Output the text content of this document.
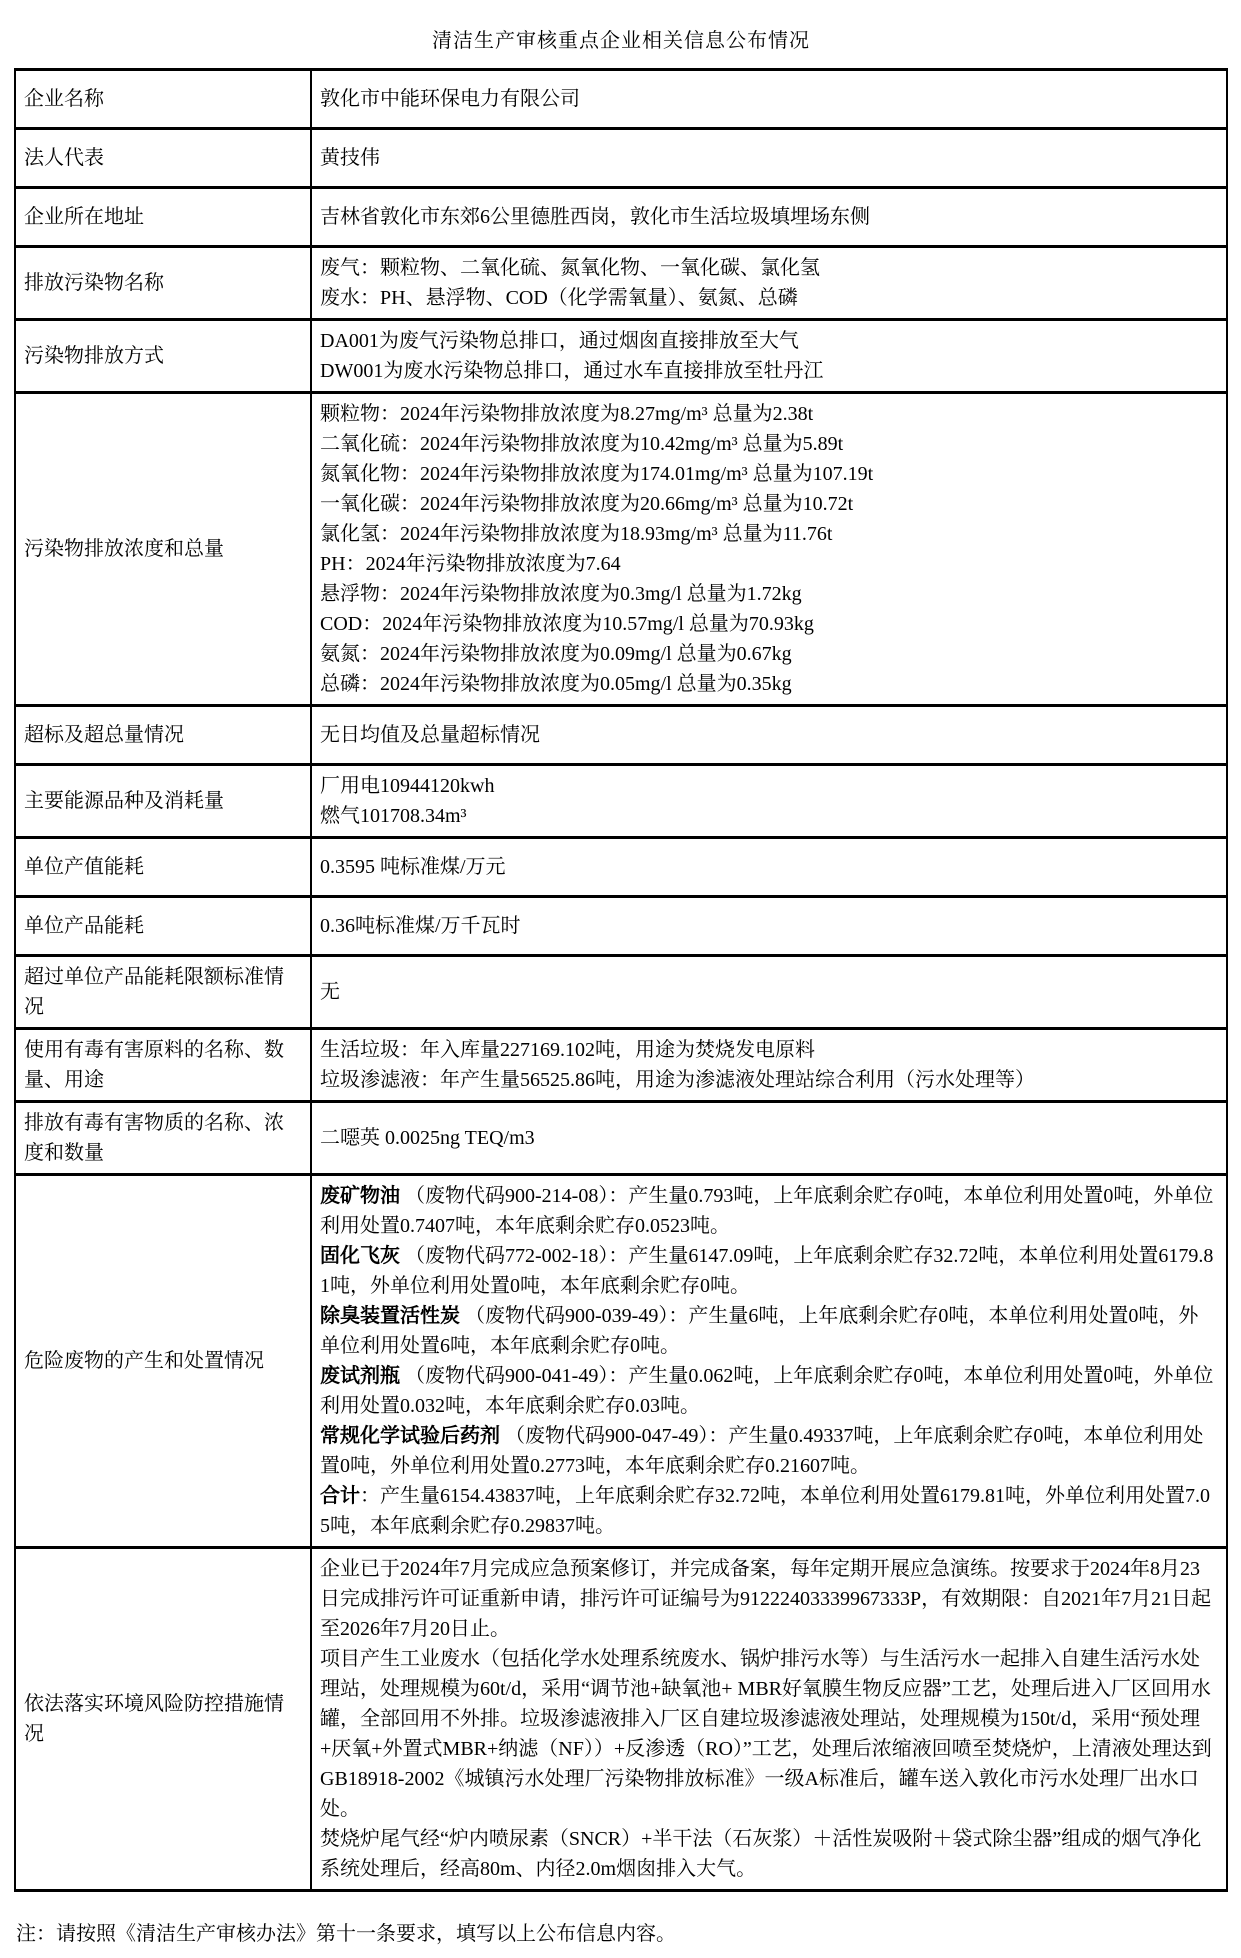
清洁生产审核重点企业相关信息公布情况
企业名称	敦化市中能环保电力有限公司

法人代表	黄技伟

企业所在地址	吉林省敦化市东郊6公里德胜西岗，敦化市生活垃圾填埋场东侧

排放污染物名称	废气：颗粒物、二氧化硫、氮氧化物、一氧化碳、氯化氢
废水：PH、悬浮物、COD（化学需氧量）、氨氮、总磷

污染物排放方式	DA001为废气污染物总排口，通过烟囱直接排放至大气
DW001为废水污染物总排口，通过水车直接排放至牡丹江

污染物排放浓度和总量	
颗粒物：2024年污染物排放浓度为8.27mg/m³ 总量为2.38t
二氧化硫：2024年污染物排放浓度为10.42mg/m³ 总量为5.89t
氮氧化物：2024年污染物排放浓度为174.01mg/m³ 总量为107.19t
一氧化碳：2024年污染物排放浓度为20.66mg/m³ 总量为10.72t
氯化氢：2024年污染物排放浓度为18.93mg/m³ 总量为11.76t
PH：2024年污染物排放浓度为7.64
悬浮物：2024年污染物排放浓度为0.3mg/l 总量为1.72kg
COD：2024年污染物排放浓度为10.57mg/l 总量为70.93kg
氨氮：2024年污染物排放浓度为0.09mg/l 总量为0.67kg
总磷：2024年污染物排放浓度为0.05mg/l 总量为0.35kg

超标及超总量情况	无日均值及总量超标情况

主要能源品种及消耗量	厂用电10944120kwh
燃气101708.34m³

单位产值能耗	0.3595 吨标准煤/万元

单位产品能耗	0.36吨标准煤/万千瓦时

超过单位产品能耗限额标准情况	无

使用有毒有害原料的名称、数量、用途	生活垃圾：年入库量227169.102吨，用途为焚烧发电原料
垃圾渗滤液：年产生量56525.86吨，用途为渗滤液处理站综合利用（污水处理等）

排放有毒有害物质的名称、浓度和数量	二噁英 0.0025ng TEQ/m3

危险废物的产生和处置情况	
废矿物油 （废物代码900-214-08）：产生量0.793吨，上年底剩余贮存0吨，本单位利用处置0吨，外单位利用处置0.7407吨，本年底剩余贮存0.0523吨。
固化飞灰 （废物代码772-002-18）：产生量6147.09吨，上年底剩余贮存32.72吨，本单位利用处置6179.81吨，外单位利用处置0吨，本年底剩余贮存0吨。
除臭装置活性炭 （废物代码900-039-49）：产生量6吨，上年底剩余贮存0吨，本单位利用处置0吨，外单位利用处置6吨，本年底剩余贮存0吨。
废试剂瓶 （废物代码900-041-49）：产生量0.062吨，上年底剩余贮存0吨，本单位利用处置0吨，外单位利用处置0.032吨，本年底剩余贮存0.03吨。
常规化学试验后药剂 （废物代码900-047-49）：产生量0.49337吨，上年底剩余贮存0吨，本单位利用处置0吨，外单位利用处置0.2773吨，本年底剩余贮存0.21607吨。
合计：产生量6154.43837吨，上年底剩余贮存32.72吨，本单位利用处置6179.81吨，外单位利用处置7.05吨，本年底剩余贮存0.29837吨。

依法落实环境风险防控措施情况	企业已于2024年7月完成应急预案修订，并完成备案，每年定期开展应急演练。按要求于2024年8月23日完成排污许可证重新申请，排污许可证编号为91222403339967333P，有效期限：自2021年7月21日起至2026年7月20日止。
项目产生工业废水（包括化学水处理系统废水、锅炉排污水等）与生活污水一起排入自建生活污水处理站，处理规模为60t/d，采用“调节池+缺氧池+ MBR好氧膜生物反应器”工艺，处理后进入厂区回用水罐，全部回用不外排。垃圾渗滤液排入厂区自建垃圾渗滤液处理站，处理规模为150t/d，采用“预处理+厌氧+外置式MBR+纳滤（NF））+反渗透（RO）”工艺，处理后浓缩液回喷至焚烧炉，上清液处理达到GB18918-2002《城镇污水处理厂污染物排放标准》一级A标准后，罐车送入敦化市污水处理厂出水口处。
焚烧炉尾气经“炉内喷尿素（SNCR）+半干法（石灰浆）＋活性炭吸附＋袋式除尘器”组成的烟气净化系统处理后，经高80m、内径2.0m烟囱排入大气。

注：请按照《清洁生产审核办法》第十一条要求，填写以上公布信息内容。
